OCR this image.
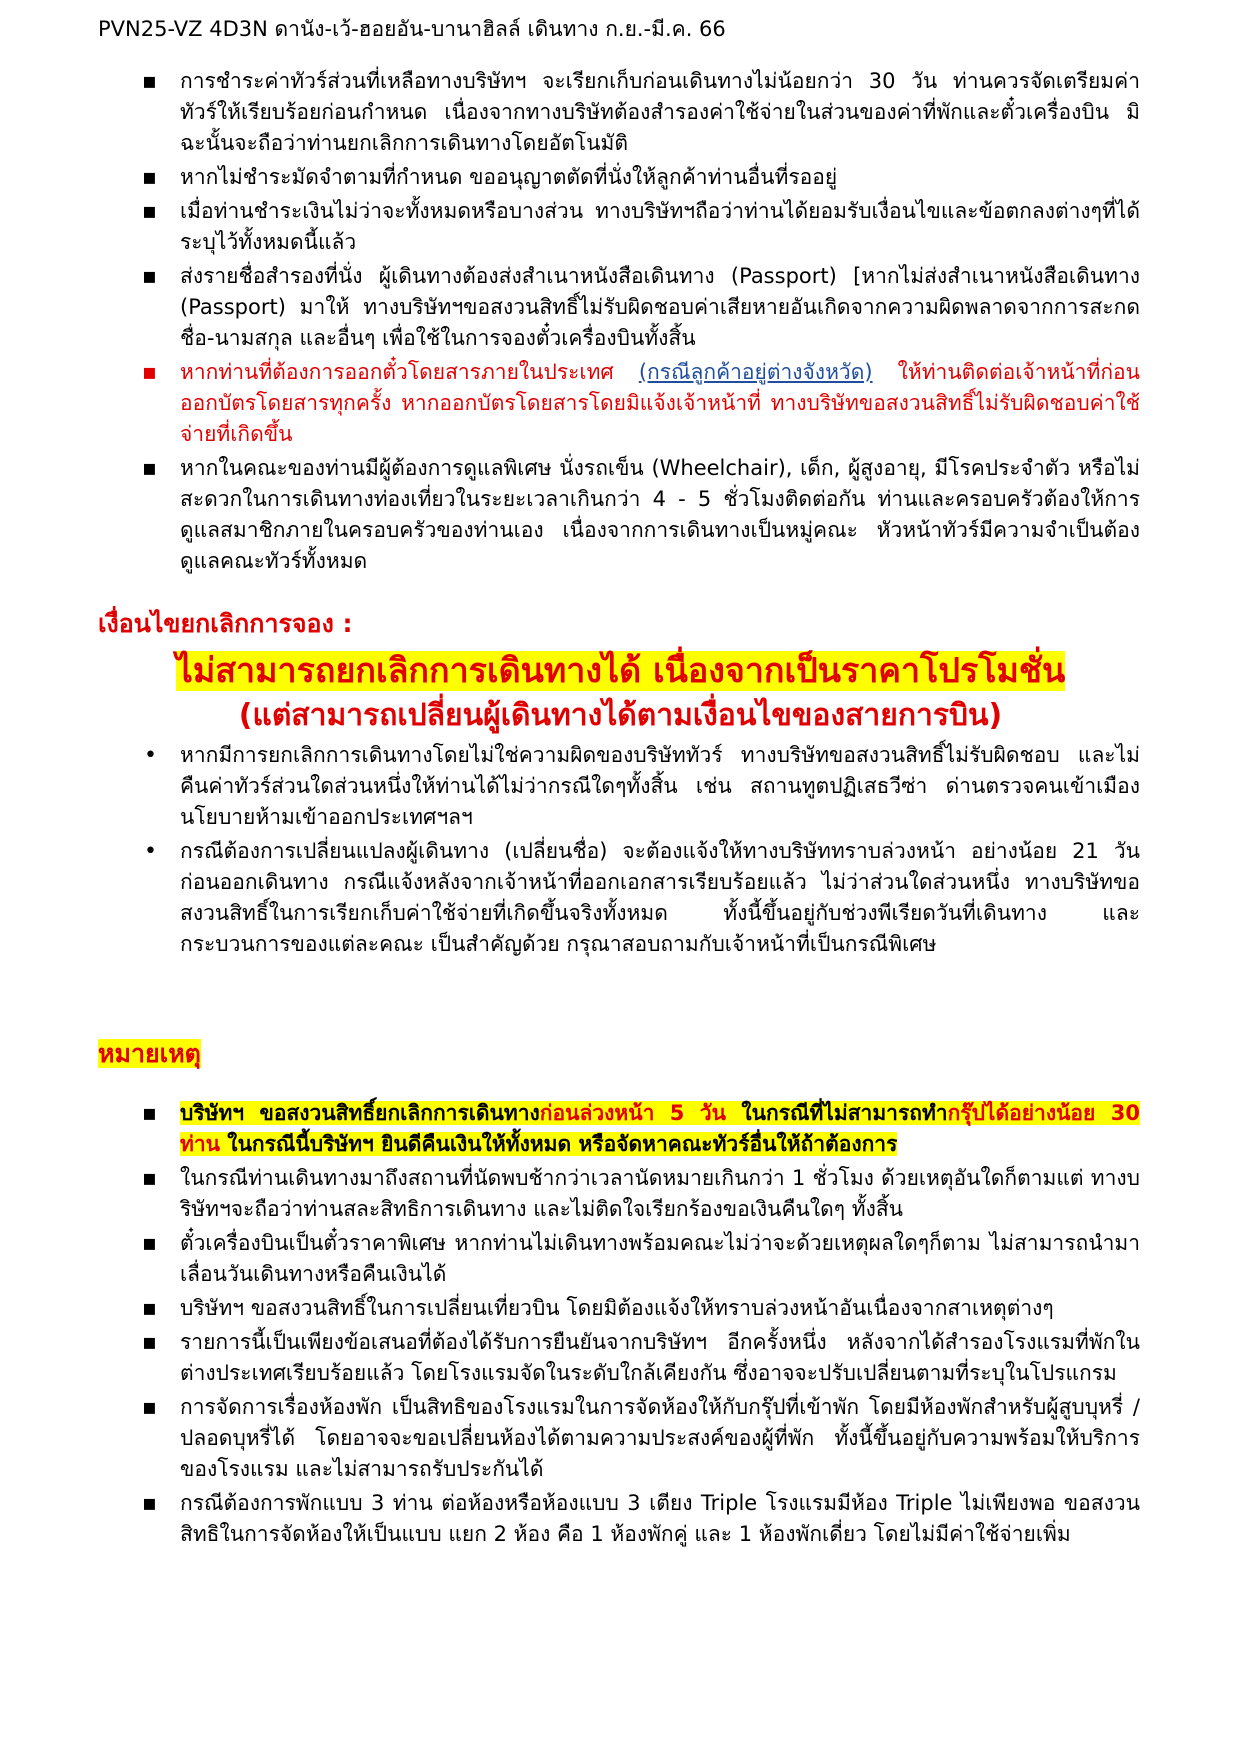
PVN25-VZ 4D3N ดานัง-เว้-ฮอยอัน-บานาฮิลล์ เดินทาง ก.ย.-มี.ค. 66
▪ การชำระค่าทัวร์ส่วนที่เหลือทางบริษัทฯ จะเรียกเก็บก่อนเดินทางไม่น้อยกว่า 30 วัน ท่านควรจัดเตรียมค่าทัวร์ให้เรียบร้อยก่อนกำหนด เนื่องจากทางบริษัทต้องสำรองค่าใช้จ่ายในส่วนของค่าที่พักและตั๋วเครื่องบิน มิฉะนั้นจะถือว่าท่านยกเลิกการเดินทางโดยอัตโนมัติ
▪ หากไม่ชำระมัดจำตามที่กำหนด ขออนุญาตตัดที่นั่งให้ลูกค้าท่านอื่นที่รออยู่
▪ เมื่อท่านชำระเงินไม่ว่าจะทั้งหมดหรือบางส่วน ทางบริษัทฯถือว่าท่านได้ยอมรับเงื่อนไขและข้อตกลงต่างๆที่ได้ระบุไว้ทั้งหมดนี้แล้ว
▪ ส่งรายชื่อสำรองที่นั่ง ผู้เดินทางต้องส่งสำเนาหนังสือเดินทาง (Passport) [หากไม่ส่งสำเนาหนังสือเดินทาง (Passport) มาให้ ทางบริษัทฯขอสงวนสิทธิ์ไม่รับผิดชอบค่าเสียหายอันเกิดจากความผิดพลาดจากการสะกดชื่อ-นามสกุล และอื่นๆ เพื่อใช้ในการจองตั๋วเครื่องบินทั้งสิ้น
▪ หากท่านที่ต้องการออกตั๋วโดยสารภายในประเทศ (กรณีลูกค้าอยู่ต่างจังหวัด) ให้ท่านติดต่อเจ้าหน้าที่ก่อนออกบัตรโดยสารทุกครั้ง หากออกบัตรโดยสารโดยมิแจ้งเจ้าหน้าที่ ทางบริษัทขอสงวนสิทธิ์ไม่รับผิดชอบค่าใช้จ่ายที่เกิดขึ้น
▪ หากในคณะของท่านมีผู้ต้องการดูแลพิเศษ นั่งรถเข็น (Wheelchair), เด็ก, ผู้สูงอายุ, มีโรคประจำตัว หรือไม่สะดวกในการเดินทางท่องเที่ยวในระยะเวลาเกินกว่า 4 - 5 ชั่วโมงติดต่อกัน ท่านและครอบครัวต้องให้การดูแลสมาชิกภายในครอบครัวของท่านเอง เนื่องจากการเดินทางเป็นหมู่คณะ หัวหน้าทัวร์มีความจำเป็นต้องดูแลคณะทัวร์ทั้งหมด
เงื่อนไขยกเลิกการจอง :
ไม่สามารถยกเลิกการเดินทางได้ เนื่องจากเป็นราคาโปรโมชั่น
(แต่สามารถเปลี่ยนผู้เดินทางได้ตามเงื่อนไขของสายการบิน)
• หากมีการยกเลิกการเดินทางโดยไม่ใช่ความผิดของบริษัททัวร์ ทางบริษัทขอสงวนสิทธิ์ไม่รับผิดชอบ และไม่คืนค่าทัวร์ส่วนใดส่วนหนึ่งให้ท่านได้ไม่ว่ากรณีใดๆทั้งสิ้น เช่น สถานทูตปฏิเสธวีซ่า ด่านตรวจคนเข้าเมือง นโยบายห้ามเข้าออกประเทศฯลฯ
• กรณีต้องการเปลี่ยนแปลงผู้เดินทาง (เปลี่ยนชื่อ) จะต้องแจ้งให้ทางบริษัททราบล่วงหน้า อย่างน้อย 21 วัน ก่อนออกเดินทาง กรณีแจ้งหลังจากเจ้าหน้าที่ออกเอกสารเรียบร้อยแล้ว ไม่ว่าส่วนใดส่วนหนึ่ง ทางบริษัทขอสงวนสิทธิ์ในการเรียกเก็บค่าใช้จ่ายที่เกิดขึ้นจริงทั้งหมด ทั้งนี้ขึ้นอยู่กับช่วงพีเรียดวันที่เดินทาง และกระบวนการของแต่ละคณะ เป็นสำคัญด้วย กรุณาสอบถามกับเจ้าหน้าที่เป็นกรณีพิเศษ
หมายเหตุ
▪ บริษัทฯ ขอสงวนสิทธิ์ยกเลิกการเดินทางก่อนล่วงหน้า 5 วัน ในกรณีที่ไม่สามารถทำกรุ๊ปได้อย่างน้อย 30 ท่าน ในกรณีนี้บริษัทฯ ยินดีคืนเงินให้ทั้งหมด หรือจัดหาคณะทัวร์อื่นให้ถ้าต้องการ
▪ ในกรณีท่านเดินทางมาถึงสถานที่นัดพบช้ากว่าเวลานัดหมายเกินกว่า 1 ชั่วโมง ด้วยเหตุอันใดก็ตามแต่ ทางบริษัทฯจะถือว่าท่านสละสิทธิการเดินทาง และไม่ติดใจเรียกร้องขอเงินคืนใดๆ ทั้งสิ้น
▪ ตั๋วเครื่องบินเป็นตั๋วราคาพิเศษ หากท่านไม่เดินทางพร้อมคณะไม่ว่าจะด้วยเหตุผลใดๆก็ตาม ไม่สามารถนำมาเลื่อนวันเดินทางหรือคืนเงินได้
▪ บริษัทฯ ขอสงวนสิทธิ์ในการเปลี่ยนเที่ยวบิน โดยมิต้องแจ้งให้ทราบล่วงหน้าอันเนื่องจากสาเหตุต่างๆ
▪ รายการนี้เป็นเพียงข้อเสนอที่ต้องได้รับการยืนยันจากบริษัทฯ อีกครั้งหนึ่ง หลังจากได้สำรองโรงแรมที่พักในต่างประเทศเรียบร้อยแล้ว โดยโรงแรมจัดในระดับใกล้เคียงกัน ซึ่งอาจจะปรับเปลี่ยนตามที่ระบุในโปรแกรม
▪ การจัดการเรื่องห้องพัก เป็นสิทธิของโรงแรมในการจัดห้องให้กับกรุ๊ปที่เข้าพัก โดยมีห้องพักสำหรับผู้สูบบุหรี่ / ปลอดบุหรี่ได้ โดยอาจจะขอเปลี่ยนห้องได้ตามความประสงค์ของผู้ที่พัก ทั้งนี้ขึ้นอยู่กับความพร้อมให้บริการของโรงแรม และไม่สามารถรับประกันได้
▪ กรณีต้องการพักแบบ 3 ท่าน ต่อห้องหรือห้องแบบ 3 เตียง Triple โรงแรมมีห้อง Triple ไม่เพียงพอ ขอสงวนสิทธิในการจัดห้องให้เป็นแบบ แยก 2 ห้อง คือ 1 ห้องพักคู่ และ 1 ห้องพักเดี่ยว โดยไม่มีค่าใช้จ่ายเพิ่ม
